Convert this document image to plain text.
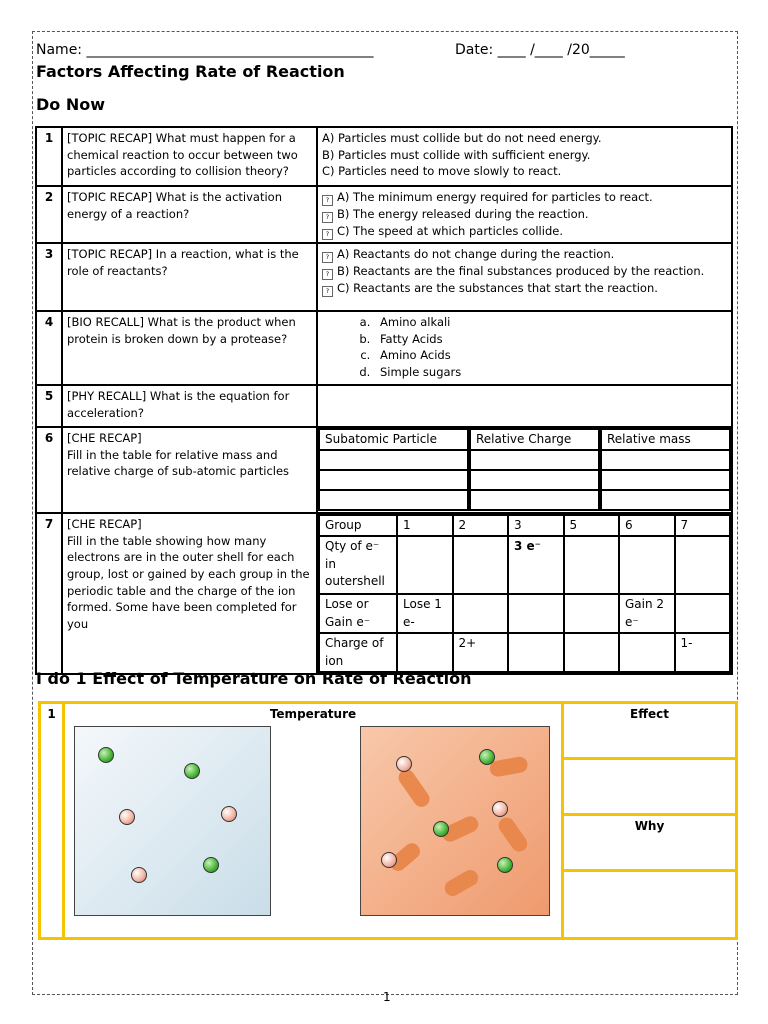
Name: _________________________________________	Date: ____ /____ /20_____
Factors Affecting Rate of Reaction
Do Now
1	[TOPIC RECAP] What must happen for a chemical reaction to occur between two particles according to collision theory?	
A) Particles must collide but do not need energy.
B) Particles must collide with sufficient energy.
C) Particles need to move slowly to react.

2	[TOPIC RECAP] What is the activation energy of a reaction?	
? A) The minimum energy required for particles to react.
? B) The energy released during the reaction.
? C) The speed at which particles collide.

3	[TOPIC RECAP] In a reaction, what is the role of reactants?	
? A) Reactants do not change during the reaction.
? B) Reactants are the final substances produced by the reaction.
? C) Reactants are the substances that start the reaction.

4	[BIO RECALL] What is the product when protein is broken down by a protease?	
a. Amino alkali
b. Fatty Acids
c. Amino Acids
d. Simple sugars

5	[PHY RECALL] What is the equation for acceleration?	
6	[CHE RECAP]
Fill in the table for relative mass and relative charge of sub-atomic particles

Subatomic Particle	Relative Charge	Relative mass

7	[CHE RECAP]
Fill in the table showing how many electrons are in the outer shell for each group, lost or gained by each group in the periodic table and the charge of the ion formed. Some have been completed for you

Group	1	2	3	5	6	7
Qty of e⁻ in outershell			3 e⁻			
Lose or Gain e⁻	Lose 1 e-				Gain 2 e⁻	
Charge of ion		2+				1-
I do 1 Effect of Temperature on Rate of Reaction
1	Temperature	Effect

Why

1
